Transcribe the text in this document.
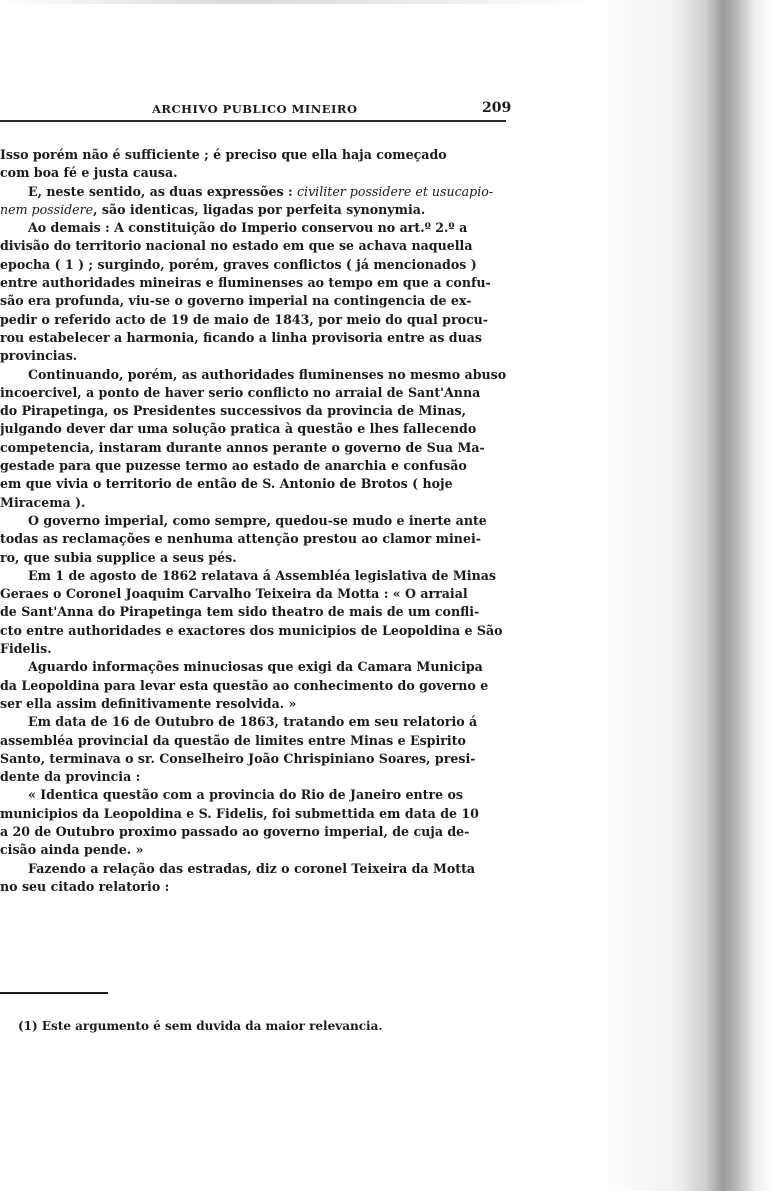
ARCHIVO PUBLICO MINEIRO	209

Isso porém não é sufficiente ; é preciso que ella haja começado
com boa fé e justa causa.

E, neste sentido, as duas expressões : civiliter possidere et usucapio-
nem possidere, são identicas, ligadas por perfeita synonymia.

Ao demais : A constituição do Imperio conservou no art.º 2.º a
divisão do territorio nacional no estado em que se achava naquella
epocha ( 1 ) ; surgindo, porém, graves conflictos ( já mencionados )
entre authoridades mineiras e fluminenses ao tempo em que a confu-
são era profunda, viu-se o governo imperial na contingencia de ex-
pedir o referido acto de 19 de maio de 1843, por meio do qual procu-
rou estabelecer a harmonia, ficando a linha provisoria entre as duas
provincias.

Continuando, porém, as authoridades fluminenses no mesmo abuso
incoercivel, a ponto de haver serio conflicto no arraial de Sant'Anna
do Pirapetinga, os Presidentes successivos da provincia de Minas,
julgando dever dar uma solução pratica à questão e lhes fallecendo
competencia, instaram durante annos perante o governo de Sua Ma-
gestade para que puzesse termo ao estado de anarchia e confusão
em que vivia o territorio de então de S. Antonio de Brotos ( hoje
Miracema ).

O governo imperial, como sempre, quedou-se mudo e inerte ante
todas as reclamações e nenhuma attenção prestou ao clamor minei-
ro, que subia supplice a seus pés.

Em 1 de agosto de 1862 relatava á Assembléa legislativa de Minas
Geraes o Coronel Joaquim Carvalho Teixeira da Motta : « O arraial
de Sant'Anna do Pirapetinga tem sido theatro de mais de um confli-
cto entre authoridades e exactores dos municipios de Leopoldina e São
Fidelis.

Aguardo informações minuciosas que exigi da Camara Municipa
da Leopoldina para levar esta questão ao conhecimento do governo e
ser ella assim definitivamente resolvida. »

Em data de 16 de Outubro de 1863, tratando em seu relatorio á
assembléa provincial da questão de limites entre Minas e Espirito
Santo, terminava o sr. Conselheiro João Chrispiniano Soares, presi-
dente da provincia :

« Identica questão com a provincia do Rio de Janeiro entre os
municipios da Leopoldina e S. Fidelis, foi submettida em data de 10
a 20 de Outubro proximo passado ao governo imperial, de cuja de-
cisão ainda pende. »

Fazendo a relação das estradas, diz o coronel Teixeira da Motta
no seu citado relatorio :

(1) Este argumento é sem duvida da maior relevancia.
